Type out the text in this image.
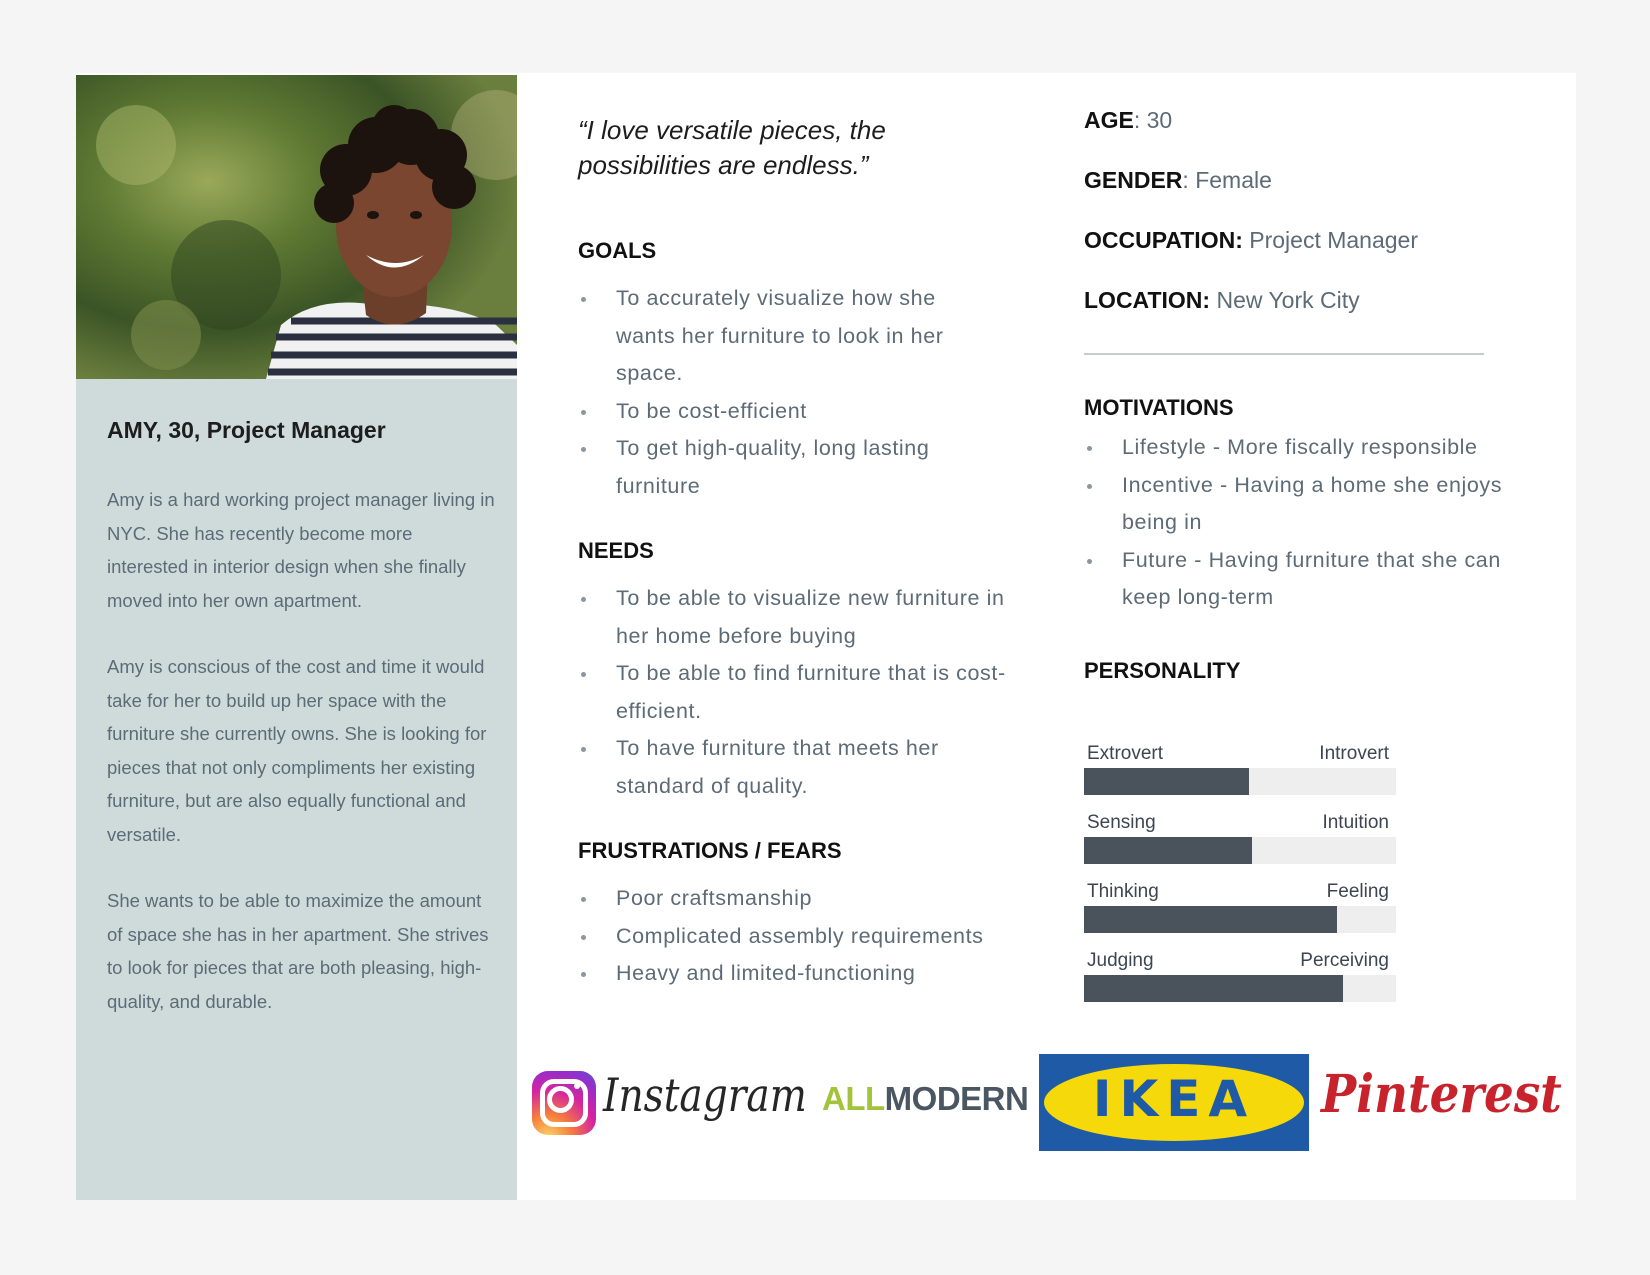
AMY, 30, Project Manager

Amy is a hard working project manager living in NYC. She has recently become more interested in interior design when she finally moved into her own apartment.

Amy is conscious of the cost and time it would take for her to build up her space with the furniture she currently owns. She is looking for pieces that not only compliments her existing furniture, but are also equally functional and versatile.

She wants to be able to maximize the amount of space she has in her apartment. She strives to look for pieces that are both pleasing, high-quality, and durable.

“I love versatile pieces, the possibilities are endless.”
GOALS
To accurately visualize how she wants her furniture to look in her space.
To be cost-efficient
To get high-quality, long lasting furniture
NEEDS
To be able to visualize new furniture in her home before buying
To be able to find furniture that is cost-efficient.
To have furniture that meets her standard of quality.
FRUSTRATIONS / FEARS
Poor craftsmanship
Complicated assembly requirements
Heavy and limited-functioning
AGE: 30
GENDER: Female
OCCUPATION: Project Manager
LOCATION: New York City
MOTIVATIONS
Lifestyle - More fiscally responsible
Incentive - Having a home she enjoys being in
Future - Having furniture that she can keep long-term
PERSONALITY
Extrovert	Introvert
Sensing	Intuition
Thinking	Feeling
Judging	Perceiving
Instagram ALLMODERN	IKEA	Pinterest
